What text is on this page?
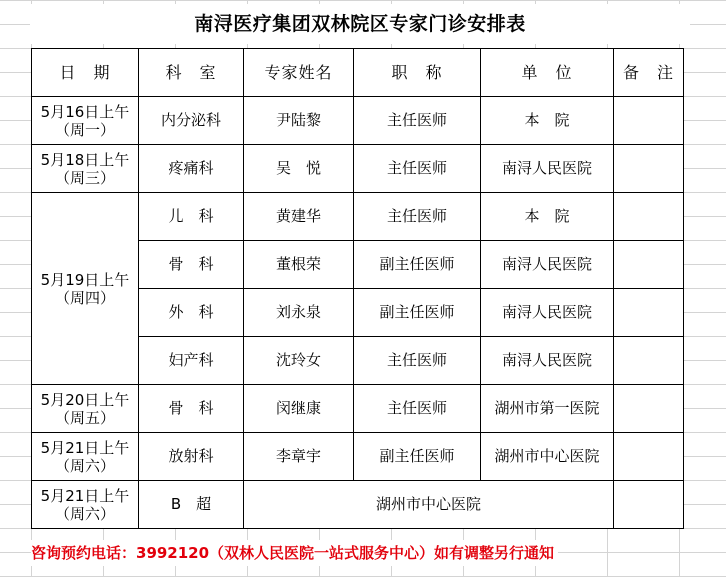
南浔医疗集团双林院区专家门诊安排表
日　期	科　室	专家姓名	职　称	单　位	备　注

5月16日上午
（周一）	内分泌科	尹陆黎	主任医师	本　院	

5月18日上午
（周三）	疼痛科	吴　悦	主任医师	南浔人民医院	

5月19日上午
（周四）	儿　科	黄建华	主任医师	本　院	
	骨　科	董根荣	副主任医师	南浔人民医院	
	外　科	刘永泉	副主任医师	南浔人民医院	
	妇产科	沈玲女	主任医师	南浔人民医院	

5月20日上午
（周五）	骨　科	闵继康	主任医师	湖州市第一医院	

5月21日上午
（周六）	放射科	李章宇	副主任医师	湖州市中心医院	

5月21日上午
（周六）	B　超	湖州市中心医院			
咨询预约电话：3992120（双林人民医院一站式服务中心）如有调整另行通知
